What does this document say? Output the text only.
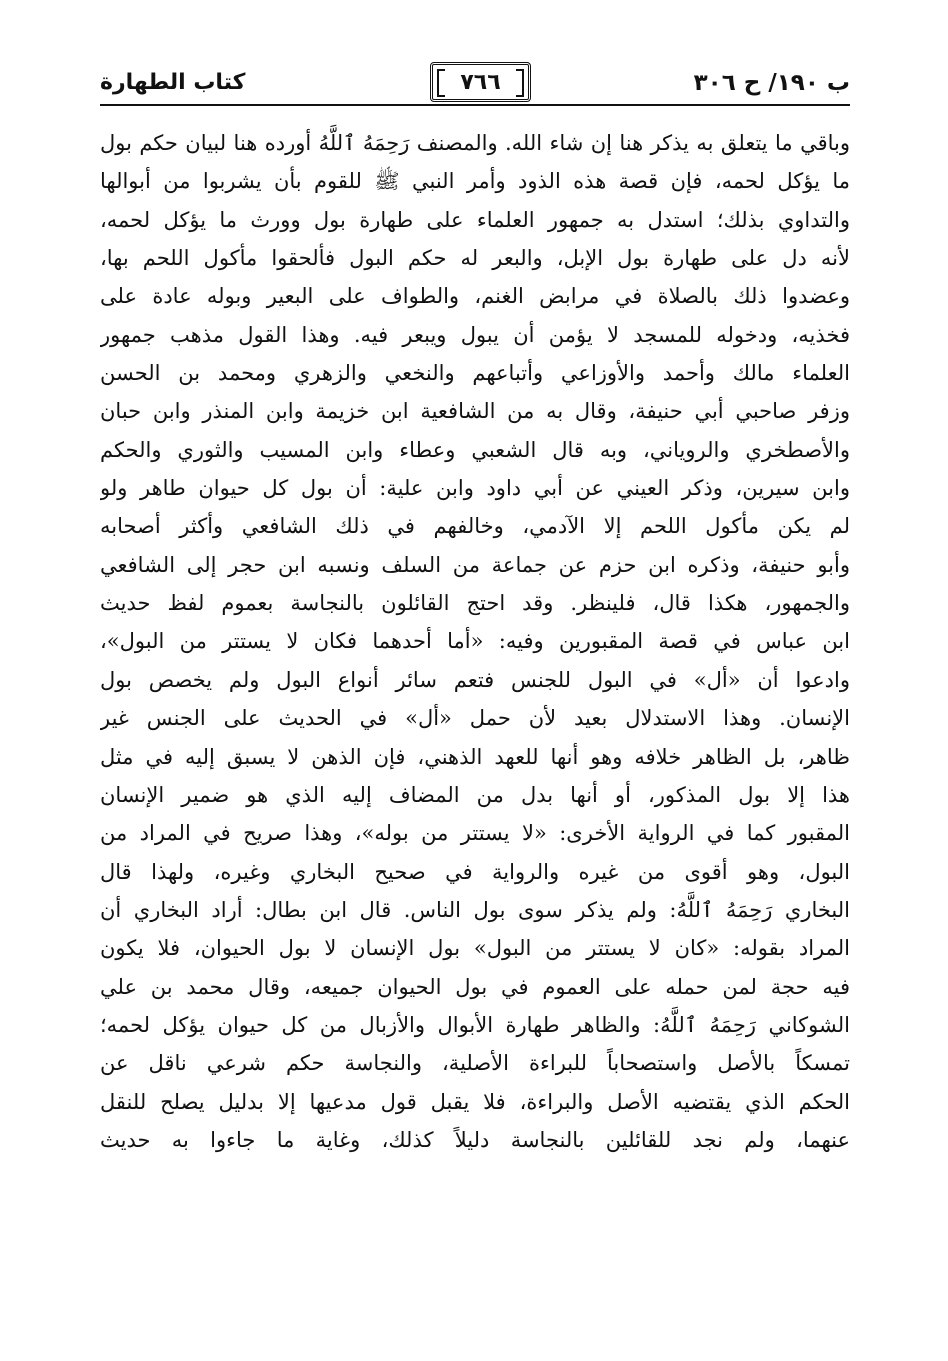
ب ١٩٠/ ح ٣٠٦
٧٦٦
كتاب الطهارة
وباقي ما يتعلق به يذكر هنا إن شاء الله. والمصنف رَحِمَهُ ٱللَّهُ أورده هنا لبيان حكم بول
ما يؤكل لحمه، فإن قصة هذه الذود وأمر النبي ﷺ للقوم بأن يشربوا من أبوالها
والتداوي بذلك؛ استدل به جمهور العلماء على طهارة بول وورث ما يؤكل لحمه،
لأنه دل على طهارة بول الإبل، والبعر له حكم البول فألحقوا مأكول اللحم بها،
وعضدوا ذلك بالصلاة في مرابض الغنم، والطواف على البعير وبوله عادة على
فخذيه، ودخوله للمسجد لا يؤمن أن يبول ويبعر فيه. وهذا القول مذهب جمهور
العلماء مالك وأحمد والأوزاعي وأتباعهم والنخعي والزهري ومحمد بن الحسن
وزفر صاحبي أبي حنيفة، وقال به من الشافعية ابن خزيمة وابن المنذر وابن حبان
والأصطخري والروياني، وبه قال الشعبي وعطاء وابن المسيب والثوري والحكم
وابن سيرين، وذكر العيني عن أبي داود وابن علية: أن بول كل حيوان طاهر ولو
لم يكن مأكول اللحم إلا الآدمي، وخالفهم في ذلك الشافعي وأكثر أصحابه
وأبو حنيفة، وذكره ابن حزم عن جماعة من السلف ونسبه ابن حجر إلى الشافعي
والجمهور، هكذا قال، فلينظر. وقد احتج القائلون بالنجاسة بعموم لفظ حديث
ابن عباس في قصة المقبورين وفيه: «أما أحدهما فكان لا يستتر من البول»،
وادعوا أن «أل» في البول للجنس فتعم سائر أنواع البول ولم يخصص بول
الإنسان. وهذا الاستدلال بعيد لأن حمل «أل» في الحديث على الجنس غير
ظاهر، بل الظاهر خلافه وهو أنها للعهد الذهني، فإن الذهن لا يسبق إليه في مثل
هذا إلا بول المذكور، أو أنها بدل من المضاف إليه الذي هو ضمير الإنسان
المقبور كما في الرواية الأخرى: «لا يستتر من بوله»، وهذا صريح في المراد من
البول، وهو أقوى من غيره والرواية في صحيح البخاري وغيره، ولهذا قال
البخاري رَحِمَهُ ٱللَّهُ: ولم يذكر سوى بول الناس. قال ابن بطال: أراد البخاري أن
المراد بقوله: «كان لا يستتر من البول» بول الإنسان لا بول الحيوان، فلا يكون
فيه حجة لمن حمله على العموم في بول الحيوان جميعه، وقال محمد بن علي
الشوكاني رَحِمَهُ ٱللَّهُ: والظاهر طهارة الأبوال والأزبال من كل حيوان يؤكل لحمه؛
تمسكاً بالأصل واستصحاباً للبراءة الأصلية، والنجاسة حكم شرعي ناقل عن
الحكم الذي يقتضيه الأصل والبراءة، فلا يقبل قول مدعيها إلا بدليل يصلح للنقل
عنهما، ولم نجد للقائلين بالنجاسة دليلاً كذلك، وغاية ما جاءوا به حديث
